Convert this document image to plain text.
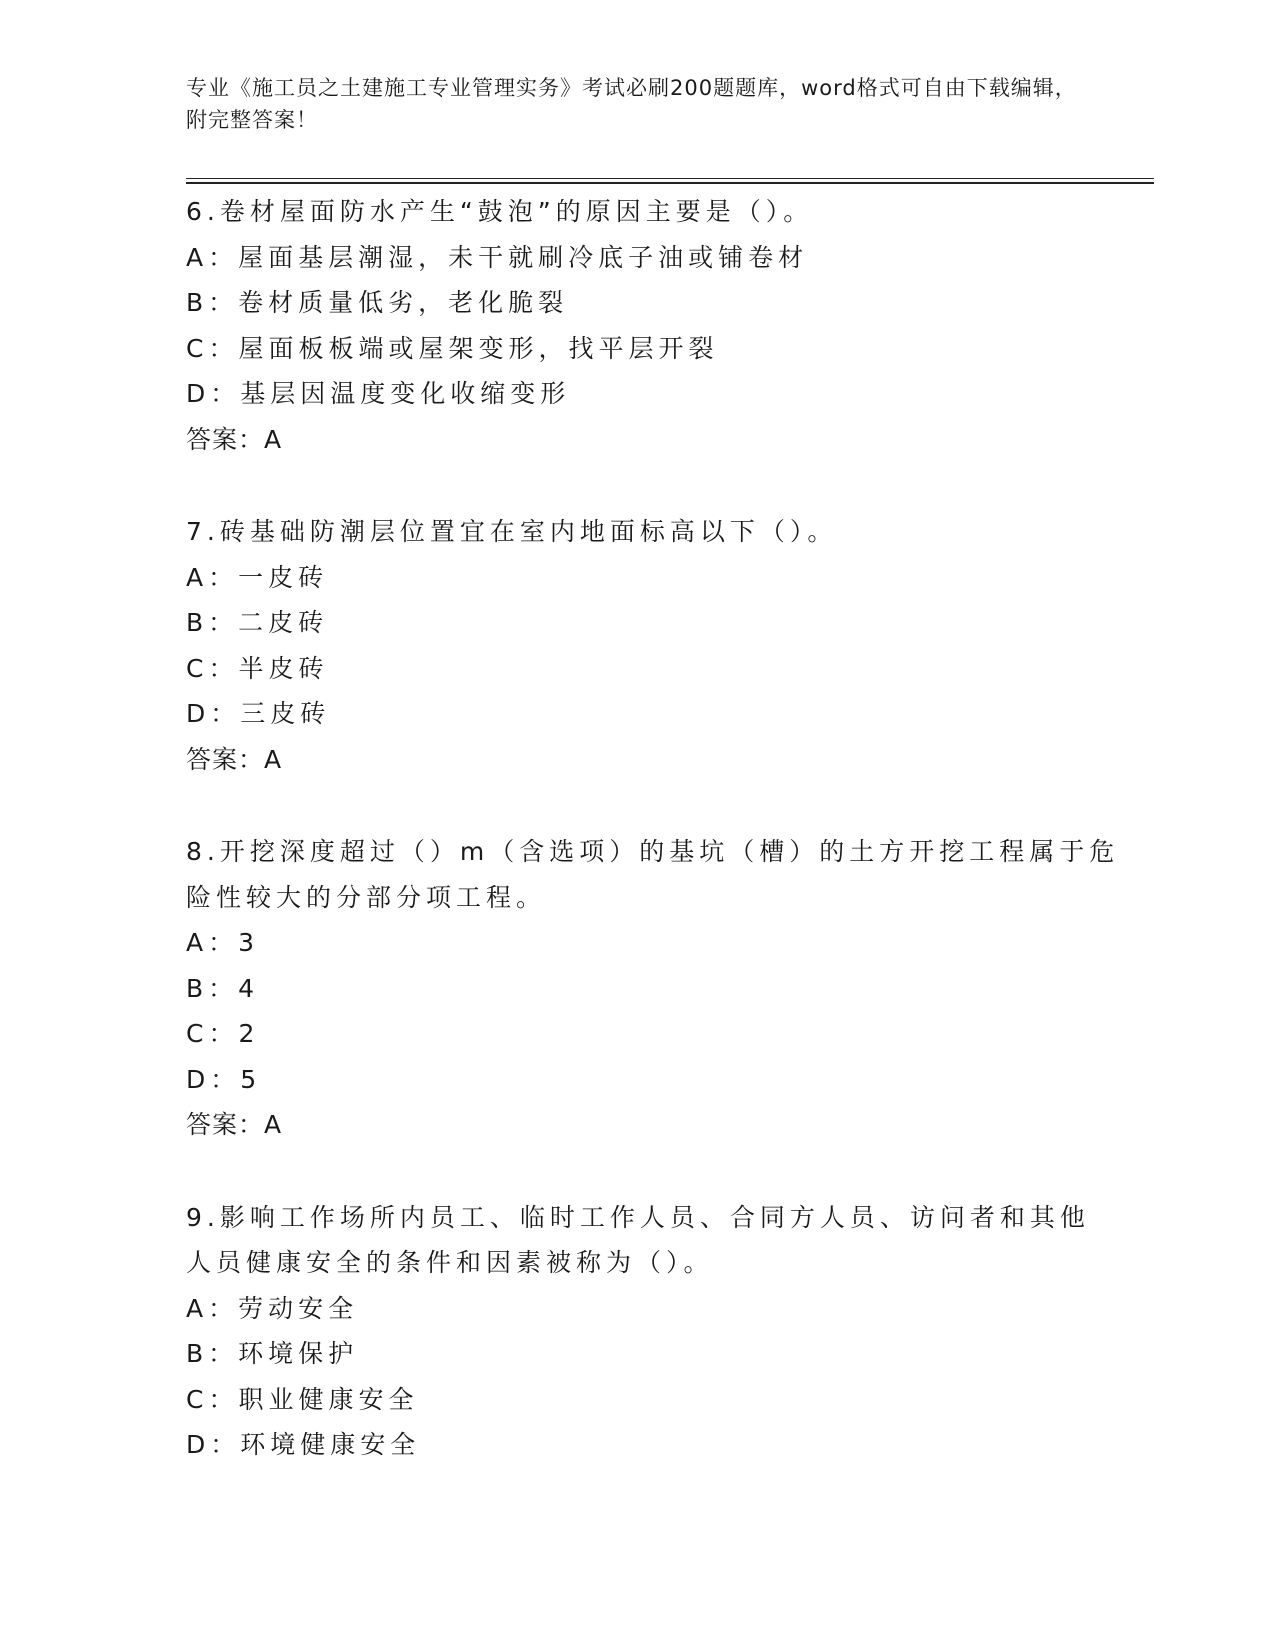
专业《施工员之土建施工专业管理实务》考试必刷200题题库，word格式可自由下载编辑，附完整答案！
6.卷材屋面防水产生“鼓泡”的原因主要是（）。
A：屋面基层潮湿，未干就刷冷底子油或铺卷材
B：卷材质量低劣，老化脆裂
C：屋面板板端或屋架变形，找平层开裂
D：基层因温度变化收缩变形
答案：A
7.砖基础防潮层位置宜在室内地面标高以下（）。
A：一皮砖
B：二皮砖
C：半皮砖
D：三皮砖
答案：A
8.开挖深度超过（）m（含选项）的基坑（槽）的土方开挖工程属于危
险性较大的分部分项工程。
A：3
B：4
C：2
D：5
答案：A
9.影响工作场所内员工、临时工作人员、合同方人员、访问者和其他
人员健康安全的条件和因素被称为（）。
A：劳动安全
B：环境保护
C：职业健康安全
D：环境健康安全
